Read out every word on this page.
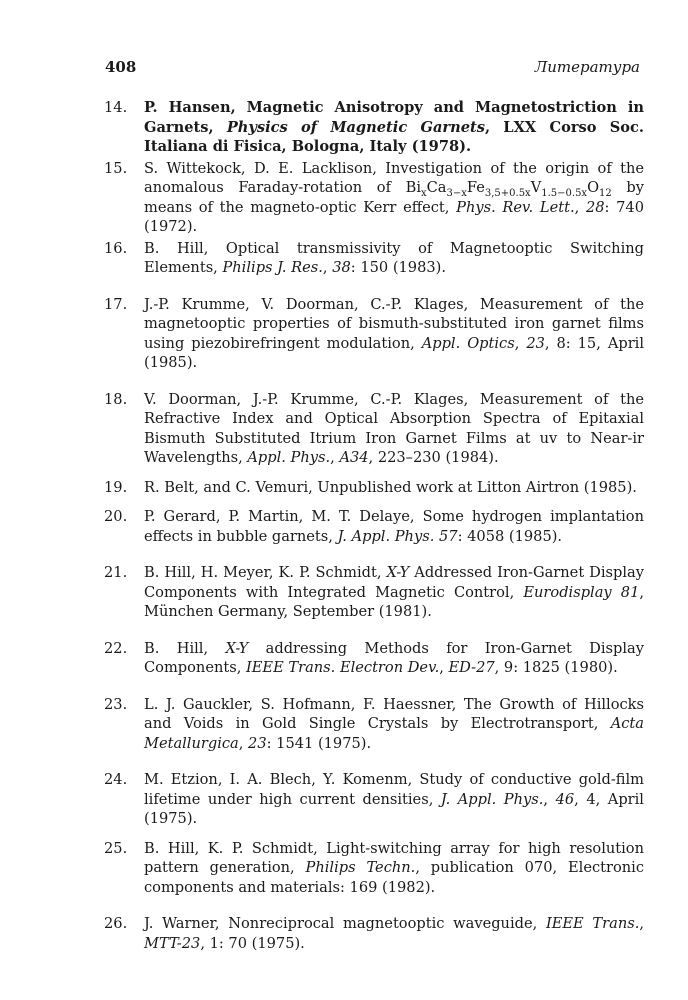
408	Литература
14.	P. Hansen, Magnetic Anisotropy and Magnetostriction in Garnets, Physics of Magnetic Garnets, LXX Corso Soc. Italiana di Fisica, Bologna, Italy (1978).
15.	S. Wittekock, D. E. Lacklison, Investigation of the origin of the anomalous Faraday-rotation of $Bi_xCa_{3-x}Fe_{3,5+0.5x}V_{1.5-0.5x}O_{12}$ by means of the magneto-optic Kerr effect, Phys. Rev. Lett., 28: 740 (1972).
16.	B. Hill, Optical transmissivity of Magnetooptic Switching Elements, Philips J. Res., 38: 150 (1983).
17.	J.-P. Krumme, V. Doorman, C.-P. Klages, Measurement of the magnetooptic properties of bismuth-substituted iron garnet films using piezobirefringent modulation, Appl. Optics, 23, 8: 15, April (1985).
18.	V. Doorman, J.-P. Krumme, C.-P. Klages, Measurement of the Refractive Index and Optical Absorption Spectra of Epitaxial Bismuth Substituted Itrium Iron Garnet Films at uv to Near-ir Wavelengths, Appl. Phys., A34, 223–230 (1984).
19.	R. Belt, and C. Vemuri, Unpublished work at Litton Airtron (1985).
20.	P. Gerard, P. Martin, M. T. Delaye, Some hydrogen implantation effects in bubble garnets, J. Appl. Phys. 57: 4058 (1985).
21.	B. Hill, H. Meyer, K. P. Schmidt, X-Y Addressed Iron-Garnet Display Components with Integrated Magnetic Control, Eurodisplay 81, München Germany, September (1981).
22.	B. Hill, X-Y addressing Methods for Iron-Garnet Display Components, IEEE Trans. Electron Dev., ED-27, 9: 1825 (1980).
23.	L. J. Gauckler, S. Hofmann, F. Haessner, The Growth of Hillocks and Voids in Gold Single Crystals by Electrotransport, Acta Metallurgica, 23: 1541 (1975).
24.	M. Etzion, I. A. Blech, Y. Komenm, Study of conductive gold-film lifetime under high current densities, J. Appl. Phys., 46, 4, April (1975).
25.	B. Hill, K. P. Schmidt, Light-switching array for high resolution pattern generation, Philips Techn., publication 070, Electronic components and materials: 169 (1982).
26.	J. Warner, Nonreciprocal magnetooptic waveguide, IEEE Trans., MTT-23, 1: 70 (1975).
